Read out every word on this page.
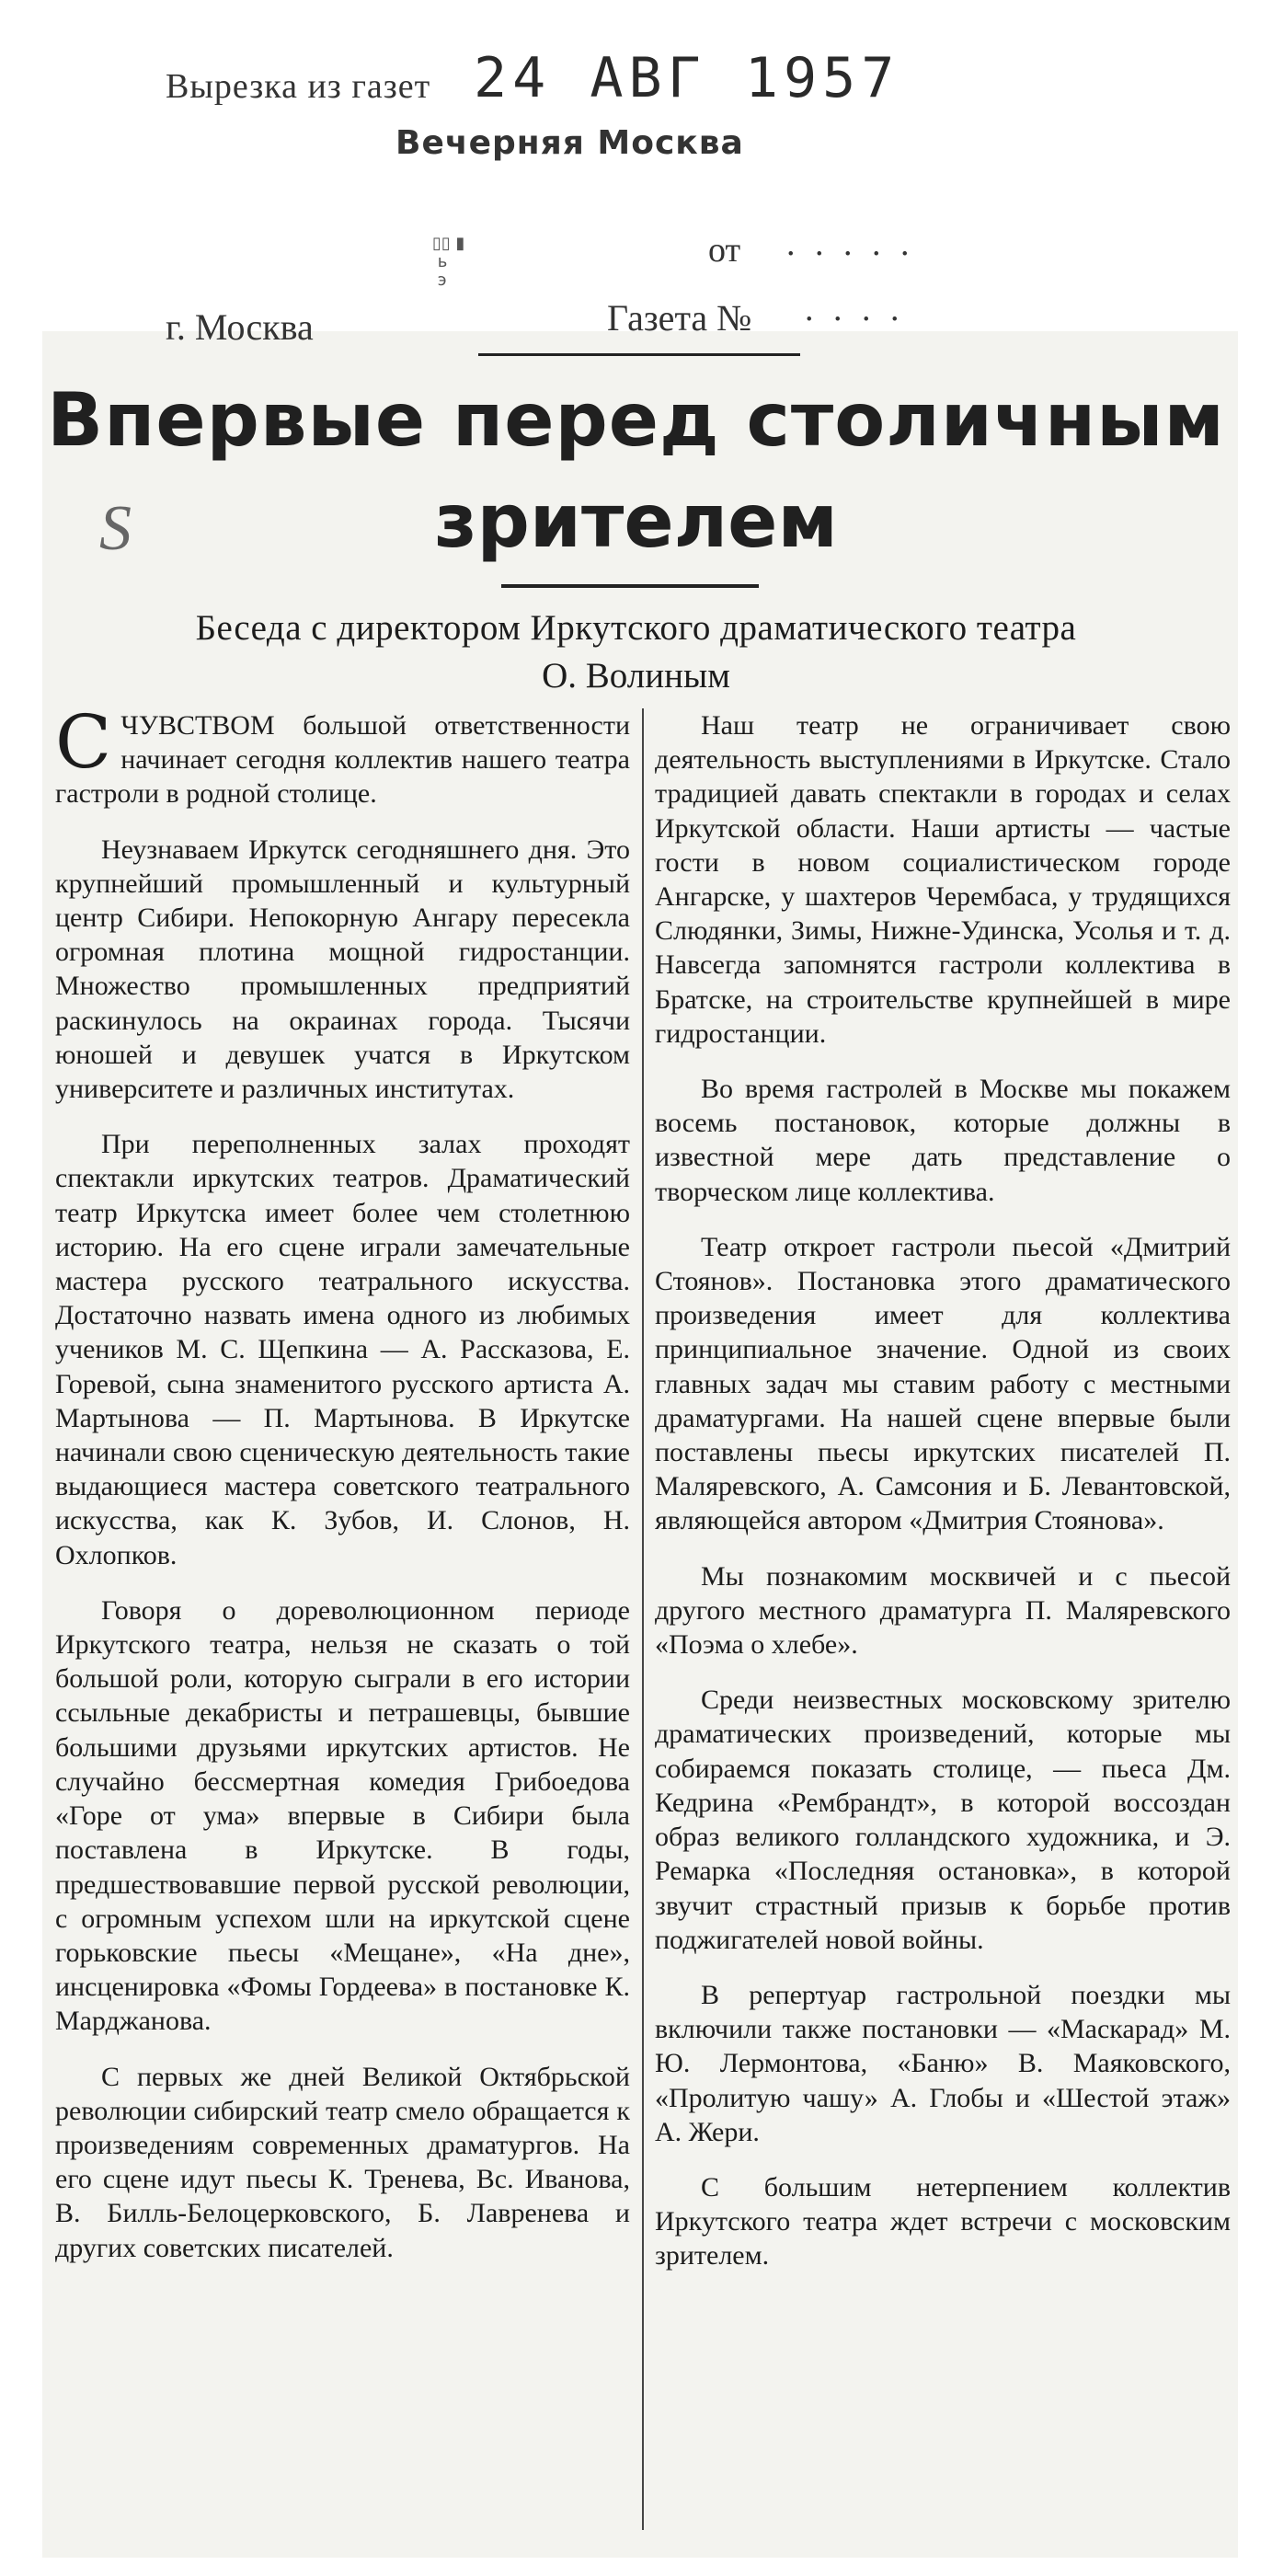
Вырезка из газет 24 АВГ 1957
Вечерняя Москва
▯▯ ▮
ь
э
от . . . . .
г. Москва	Газета № . . . .
S
Впервые перед столичным
зрителем
Беседа с директором Иркутского драматического театра
О. Волиным

СЧУВСТВОМ большой ответственности начинает сегодня коллектив нашего театра гастроли в родной столице.

Неузнаваем Иркутск сегодняшнего дня. Это крупнейший промышленный и культурный центр Сибири. Непокорную Ангару пересекла огромная плотина мощной гидростанции. Множество промышленных предприятий раскинулось на окраинах города. Тысячи юношей и девушек учатся в Иркутском университете и различных институтах.

При переполненных залах проходят спектакли иркутских театров. Драматический театр Иркутска имеет более чем столетнюю историю. На его сцене играли замечательные мастера русского театрального искусства. Достаточно назвать имена одного из любимых учеников М. С. Щепкина — А. Рассказова, Е. Горевой, сына знаменитого русского артиста А. Мартынова — П. Мартынова. В Иркутске начинали свою сценическую деятельность такие выдающиеся мастера советского театрального искусства, как К. Зубов, И. Слонов, Н. Охлопков.

Говоря о дореволюционном периоде Иркутского театра, нельзя не сказать о той большой роли, которую сыграли в его истории ссыльные декабристы и петрашевцы, бывшие большими друзьями иркутских артистов. Не случайно бессмертная комедия Грибоедова «Горе от ума» впервые в Сибири была поставлена в Иркутске. В годы, предшествовавшие первой русской революции, с огромным успехом шли на иркутской сцене горьковские пьесы «Мещане», «На дне», инсценировка «Фомы Гордеева» в постановке К. Марджанова.

С первых же дней Великой Октябрьской революции сибирский театр смело обращается к произведениям современных драматургов. На его сцене идут пьесы К. Тренева, Вс. Иванова, В. Билль-Белоцерковского, Б. Лавренева и других советских писателей.

Наш театр не ограничивает свою деятельность выступлениями в Иркутске. Стало традицией давать спектакли в городах и селах Иркутской области. Наши артисты — частые гости в новом социалистическом городе Ангарске, у шахтеров Черембаса, у трудящихся Слюдянки, Зимы, Нижне-Удинска, Усолья и т. д. Навсегда запомнятся гастроли коллектива в Братске, на строительстве крупнейшей в мире гидростанции.

Во время гастролей в Москве мы покажем восемь постановок, которые должны в известной мере дать представление о творческом лице коллектива.

Театр откроет гастроли пьесой «Дмитрий Стоянов». Постановка этого драматического произведения имеет для коллектива принципиальное значение. Одной из своих главных задач мы ставим работу с местными драматургами. На нашей сцене впервые были поставлены пьесы иркутских писателей П. Маляревского, А. Самсония и Б. Левантовской, являющейся автором «Дмитрия Стоянова».

Мы познакомим москвичей и с пьесой другого местного драматурга П. Маляревского «Поэма о хлебе».

Среди неизвестных московскому зрителю драматических произведений, которые мы собираемся показать столице, — пьеса Дм. Кедрина «Рембрандт», в которой воссоздан образ великого голландского художника, и Э. Ремарка «Последняя остановка», в которой звучит страстный призыв к борьбе против поджигателей новой войны.

В репертуар гастрольной поездки мы включили также постановки — «Маскарад» М. Ю. Лермонтова, «Баню» В. Маяковского, «Пролитую чашу» А. Глобы и «Шестой этаж» А. Жери.

С большим нетерпением коллектив Иркутского театра ждет встречи с московским зрителем.
